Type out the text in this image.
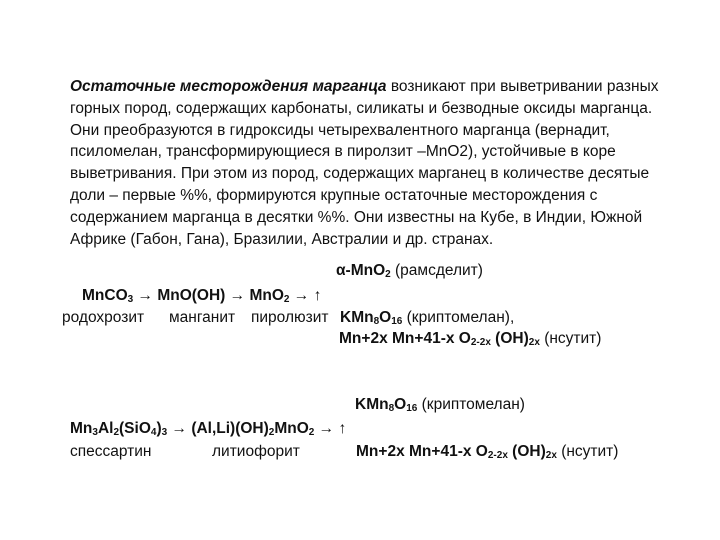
Остаточные месторождения марганца возникают при выветривании разных горных пород, содержащих карбонаты, силикаты и безводные оксиды марганца. Они преобразуются в гидроксиды четырехвалентного марганца (вернадит, псиломелан, трансформирующиеся в пиролзит –MnO2), устойчивые в коре выветривания. При этом из пород, содержащих марганец в количестве десятые доли – первые %%, формируются крупные остаточные месторождения с содержанием марганца в десятки %%. Они известны на Кубе, в Индии, Южной Африке (Габон, Гана), Бразилии, Австралии и др. странах.
α-MnO2 (рамсделит)
MnCO3 → MnO(OH) → MnO2 → ↑
родохрозит манганит пиролюзит KMn8O16 (криптомелан),
Mn+2x Mn+41-x O2-2x (OH)2x (нсутит)
KMn8O16 (криптомелан)
Mn3Al2(SiO4)3 → (Al,Li)(OH)2MnO2 → ↑
спессартин	литиофорит	Mn+2x Mn+41-x O2-2x (OH)2x (нсутит)
